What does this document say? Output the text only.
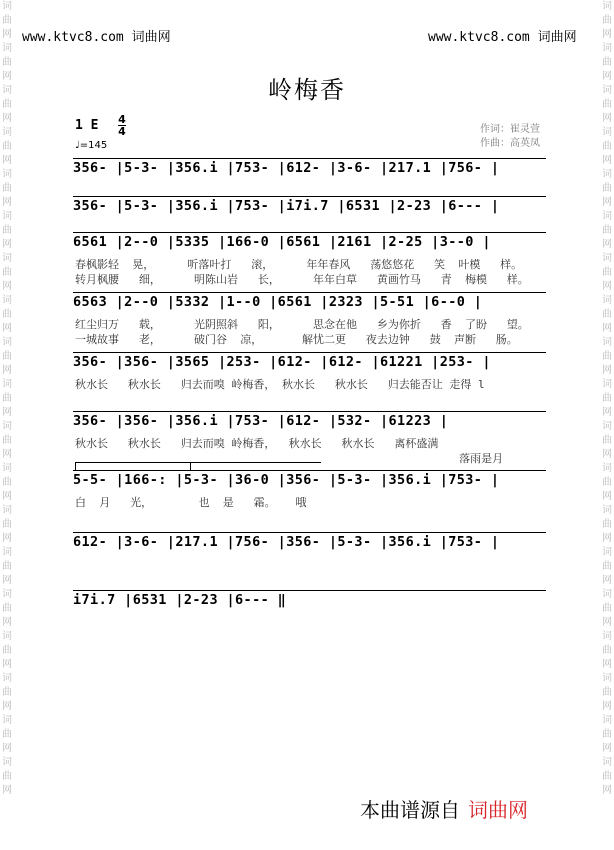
词
曲
网
词
曲
网
词
曲
网
词
曲
网
词
曲
网
词
曲
网
词
曲
网
词
曲
网
词
曲
网
词
曲
网
词
曲
网
词
曲
网
词
曲
网
词
曲
网
词
曲
网
词
曲
网
词
曲
网
词
曲
网
词
曲
网
词
曲
网
词
曲
网
词
曲
网
词
曲
网
词
曲
网
词
曲
网
词
曲
网
词
曲
网
词
曲
网
词
曲
网
词
曲
网
词
曲
网
词
曲
网
词
曲
网
词
曲
网
词
曲
网
词
曲
网
词
曲
网
词
曲
网
www.ktvc8.com 词曲网	www.ktvc8.com 词曲网
岭梅香
1 E 4
4
♩=145
作词：崔灵萱
作曲：高英凤
356- |5-3- |356.i |753- |612- |3-6- |217.1 |756- |
356- |5-3- |356.i |753- |i7i.7 |6531 |2-23 |6--- |
6561 |2--0 |5335 |166-0 |6561 |2161 |2-25 |3--0 |
春枫影轻  晃，     听落叶打   滚，     年年春风   荡悠悠花   笑  叶模   样。
转月枫腰   细，     明陈山岩   长，     年年白草   黄画竹马   青  梅模   样。
6563 |2--0 |5332 |1--0 |6561 |2323 |5-51 |6--0 |
红尘归万   载，     光阴照斜   阳，     思念在他   乡为你折   香  了盼   望。
一城故事   老，     破门谷  凉，      解忧二更   夜去边钟   鼓  声断   肠。
356- |356- |3565 |253- |612- |612- |61221 |253- |
秋水长   秋水长   归去而嗅 岭梅香， 秋水长   秋水长   归去能否让 走得 l
356- |356- |356.i |753- |612- |532- |61223 |
秋水长   秋水长   归去而嗅 岭梅香，  秋水长   秋水长   离杯盛满
落雨是月
5-5- |166-: |5-3- |36-0 |356- |5-3- |356.i |753- |
白  月   光，       也  是   霜。   哦
612- |3-6- |217.1 |756- |356- |5-3- |356.i |753- |
i7i.7 |6531 |2-23 |6--- ‖
本曲谱源自 词曲网
